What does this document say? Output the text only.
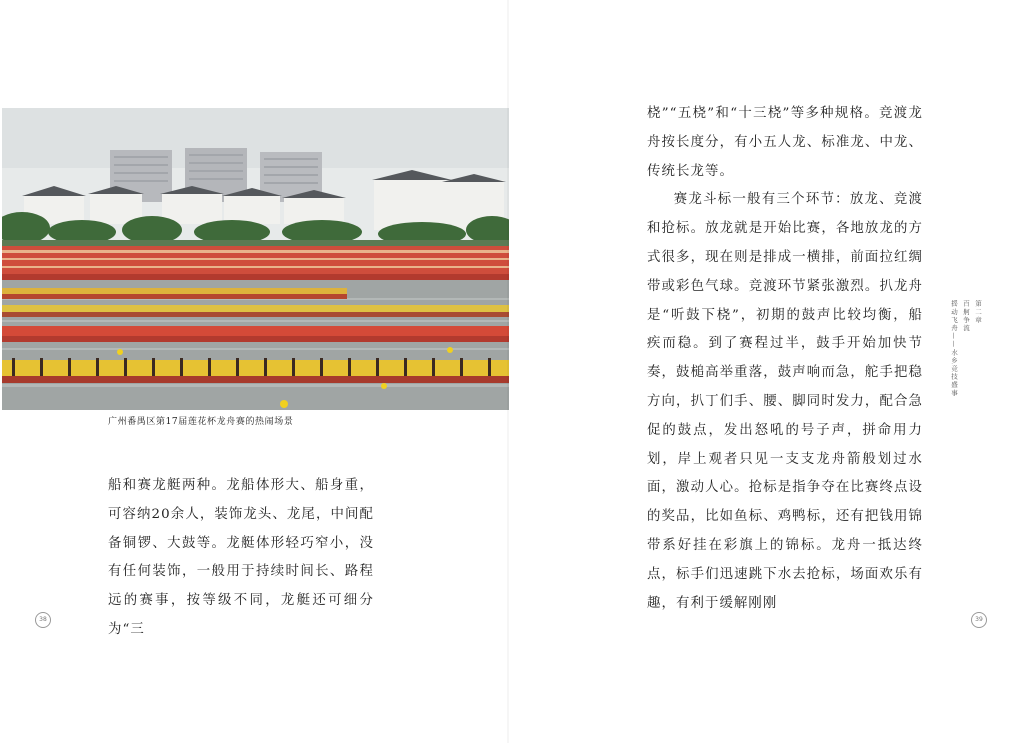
广州番禺区第17届莲花杯龙舟赛的热闹场景

船和赛龙艇两种。龙船体形大、船身重，可容纳20余人，装饰龙头、龙尾，中间配备铜锣、大鼓等。龙艇体形轻巧窄小，没有任何装饰，一般用于持续时间长、路程远的赛事，按等级不同，龙艇还可细分为“三

38

桡”“五桡”和“十三桡”等多种规格。竞渡龙舟按长度分，有小五人龙、标准龙、中龙、传统长龙等。

赛龙斗标一般有三个环节：放龙、竞渡和抢标。放龙就是开始比赛，各地放龙的方式很多，现在则是排成一横排，前面拉红绸带或彩色气球。竞渡环节紧张激烈。扒龙舟是“听鼓下桡”，初期的鼓声比较均衡，船疾而稳。到了赛程过半，鼓手开始加快节奏，鼓槌高举重落，鼓声响而急，舵手把稳方向，扒丁们手、腰、脚同时发力，配合急促的鼓点，发出怒吼的号子声，拼命用力划，岸上观者只见一支支龙舟箭般划过水面，激动人心。抢标是指争夺在比赛终点设的奖品，比如鱼标、鸡鸭标，还有把钱用锦带系好挂在彩旗上的锦标。龙舟一抵达终点，标手们迅速跳下水去抢标，场面欢乐有趣，有利于缓解刚刚

第二章
百舸争流
摇动飞舟——水乡竞技盛事
39
